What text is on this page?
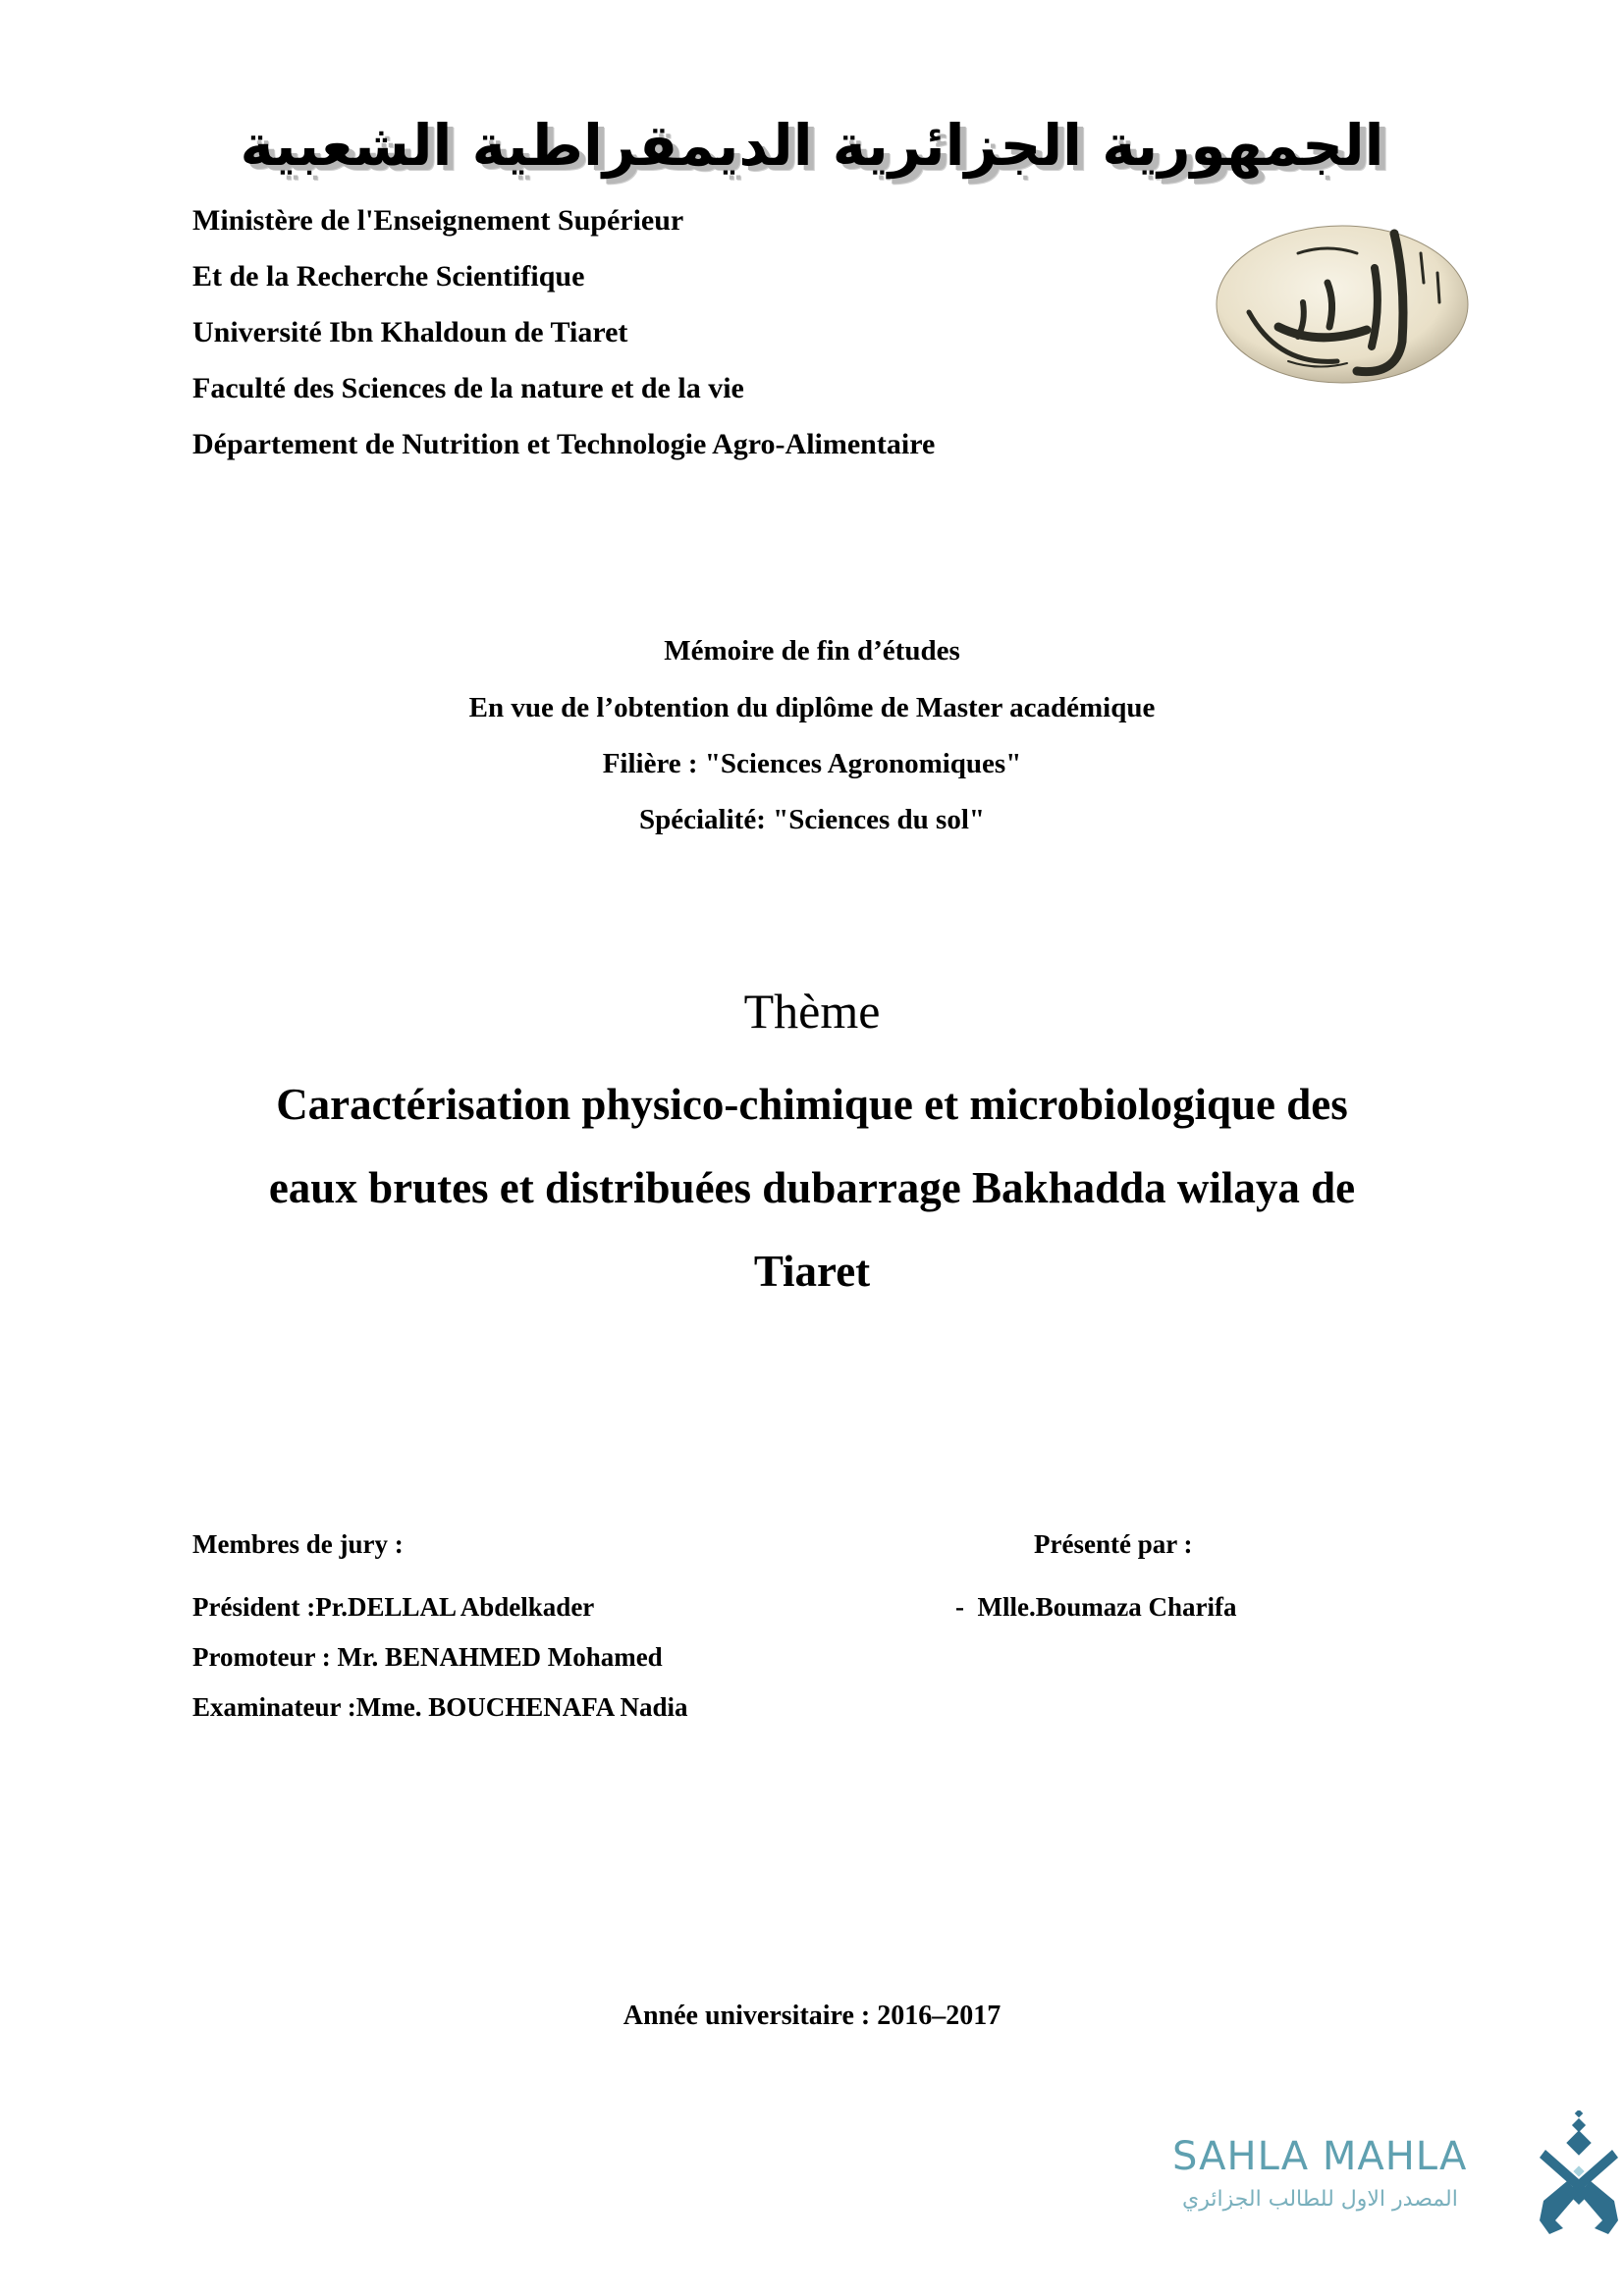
الجمهورية الجزائرية الديمقراطية الشعبية
Ministère de l'Enseignement Supérieur
Et de la Recherche Scientifique
Université Ibn Khaldoun de Tiaret
Faculté des Sciences de la nature et de la vie
Département de Nutrition et Technologie Agro-Alimentaire
Mémoire de fin d’études
En vue de l’obtention du diplôme de Master académique
Filière : "Sciences Agronomiques"
Spécialité: "Sciences du sol"
Thème
Caractérisation physico-chimique et microbiologique des
eaux brutes et distribuées dubarrage Bakhadda wilaya de
Tiaret
Membres de jury :
Président :Pr.DELLAL Abdelkader
Promoteur : Mr. BENAHMED Mohamed
Examinateur :Mme. BOUCHENAFA Nadia
Présenté par :
-  Mlle.Boumaza Charifa
Année universitaire : 2016–2017
SAHLA MAHLA
المصدر الاول للطالب الجزائري
